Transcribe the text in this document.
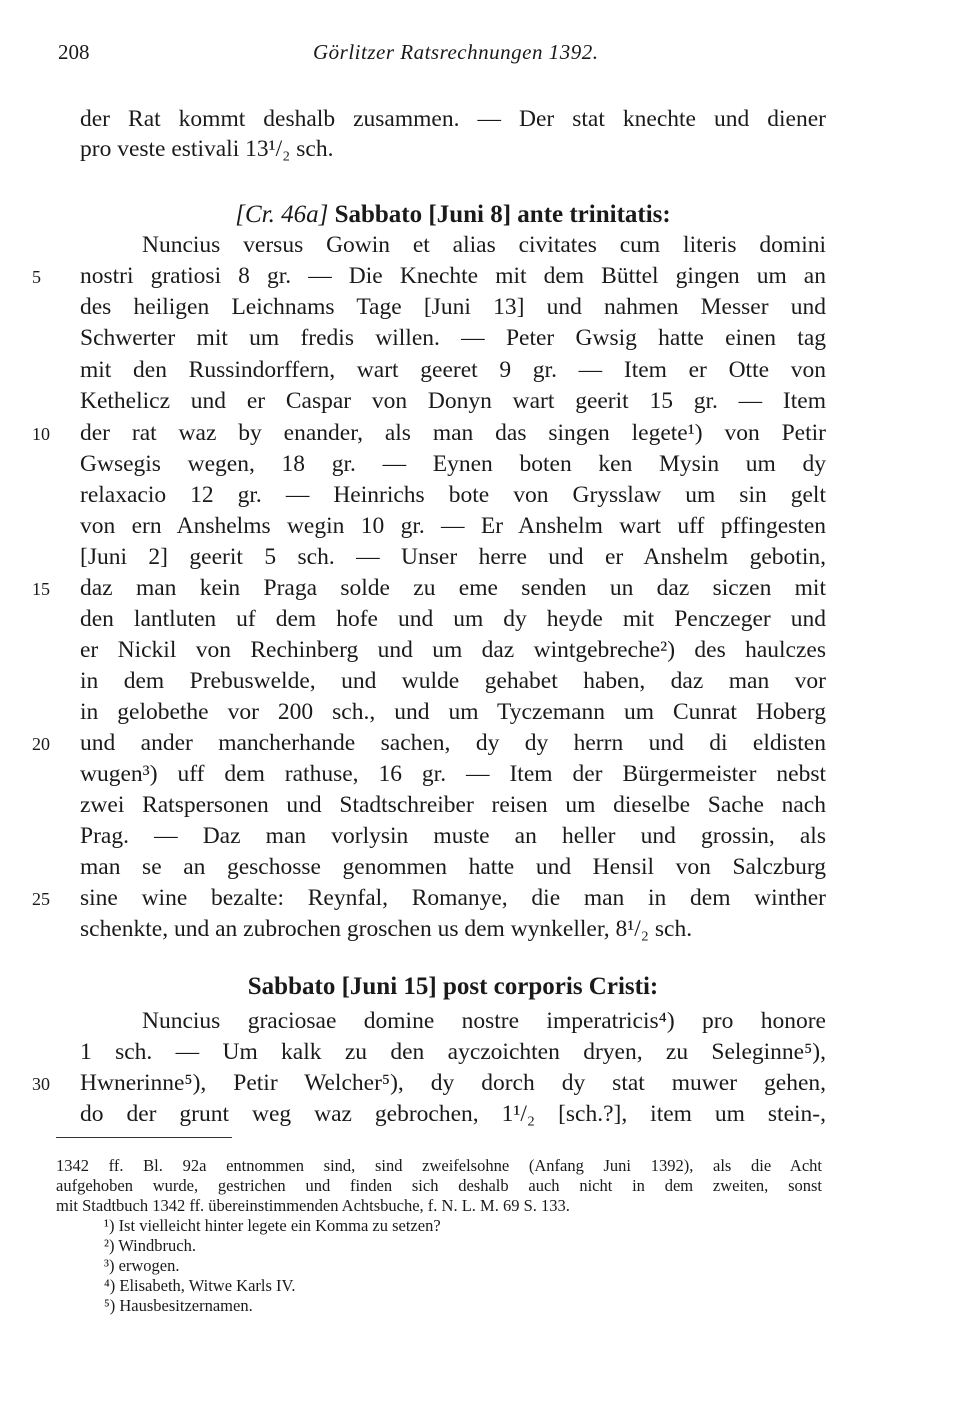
208	Görlitzer Ratsrechnungen 1392.
der Rat kommt deshalb zusammen. — Der stat knechte und diener
pro veste estivali 13¹/₂ sch.
[Cr. 46a] Sabbato [Juni 8] ante trinitatis:
Nuncius versus Gowin et alias civitates cum literis domini
5 nostri gratiosi 8 gr. — Die Knechte mit dem Büttel gingen um an
des heiligen Leichnams Tage [Juni 13] und nahmen Messer und
Schwerter mit um fredis willen. — Peter Gwsig hatte einen tag
mit den Russindorffern, wart geeret 9 gr. — Item er Otte von
Kethelicz und er Caspar von Donyn wart geerit 15 gr. — Item
10 der rat waz by enander, als man das singen legete¹) von Petir
Gwsegis wegen, 18 gr. — Eynen boten ken Mysin um dy
relaxacio 12 gr. — Heinrichs bote von Grysslaw um sin gelt
von ern Anshelms wegin 10 gr. — Er Anshelm wart uff pffingesten
[Juni 2] geerit 5 sch. — Unser herre und er Anshelm gebotin,
15 daz man kein Praga solde zu eme senden un daz siczen mit
den lantluten uf dem hofe und um dy heyde mit Penczeger und
er Nickil von Rechinberg und um daz wintgebreche²) des haulczes
in dem Prebuswelde, und wulde gehabet haben, daz man vor
in gelobethe vor 200 sch., und um Tyczemann um Cunrat Hoberg
20 und ander mancherhande sachen, dy dy herrn und di eldisten
wugen³) uff dem rathuse, 16 gr. — Item der Bürgermeister nebst
zwei Ratspersonen und Stadtschreiber reisen um dieselbe Sache nach
Prag. — Daz man vorlysin muste an heller und grossin, als
man se an geschosse genommen hatte und Hensil von Salczburg
25 sine wine bezalte: Reynfal, Romanye, die man in dem winther
schenkte, und an zubrochen groschen us dem wynkeller, 8¹/₂ sch.
Sabbato [Juni 15] post corporis Cristi:
Nuncius graciosae domine nostre imperatricis⁴) pro honore
1 sch. — Um kalk zu den ayczoichten dryen, zu Seleginne⁵),
30 Hwnerinne⁵), Petir Welcher⁵), dy dorch dy stat muwer gehen,
do der grunt weg waz gebrochen, 1¹/₂ [sch.?], item um stein-,
1342 ff. Bl. 92a entnommen sind, sind zweifelsohne (Anfang Juni 1392), als die Acht
aufgehoben wurde, gestrichen und finden sich deshalb auch nicht in dem zweiten, sonst
mit Stadtbuch 1342 ff. übereinstimmenden Achtsbuche, f. N. L. M. 69 S. 133.
¹) Ist vielleicht hinter legete ein Komma zu setzen?
²) Windbruch.
³) erwogen.
⁴) Elisabeth, Witwe Karls IV.
⁵) Hausbesitzernamen.
